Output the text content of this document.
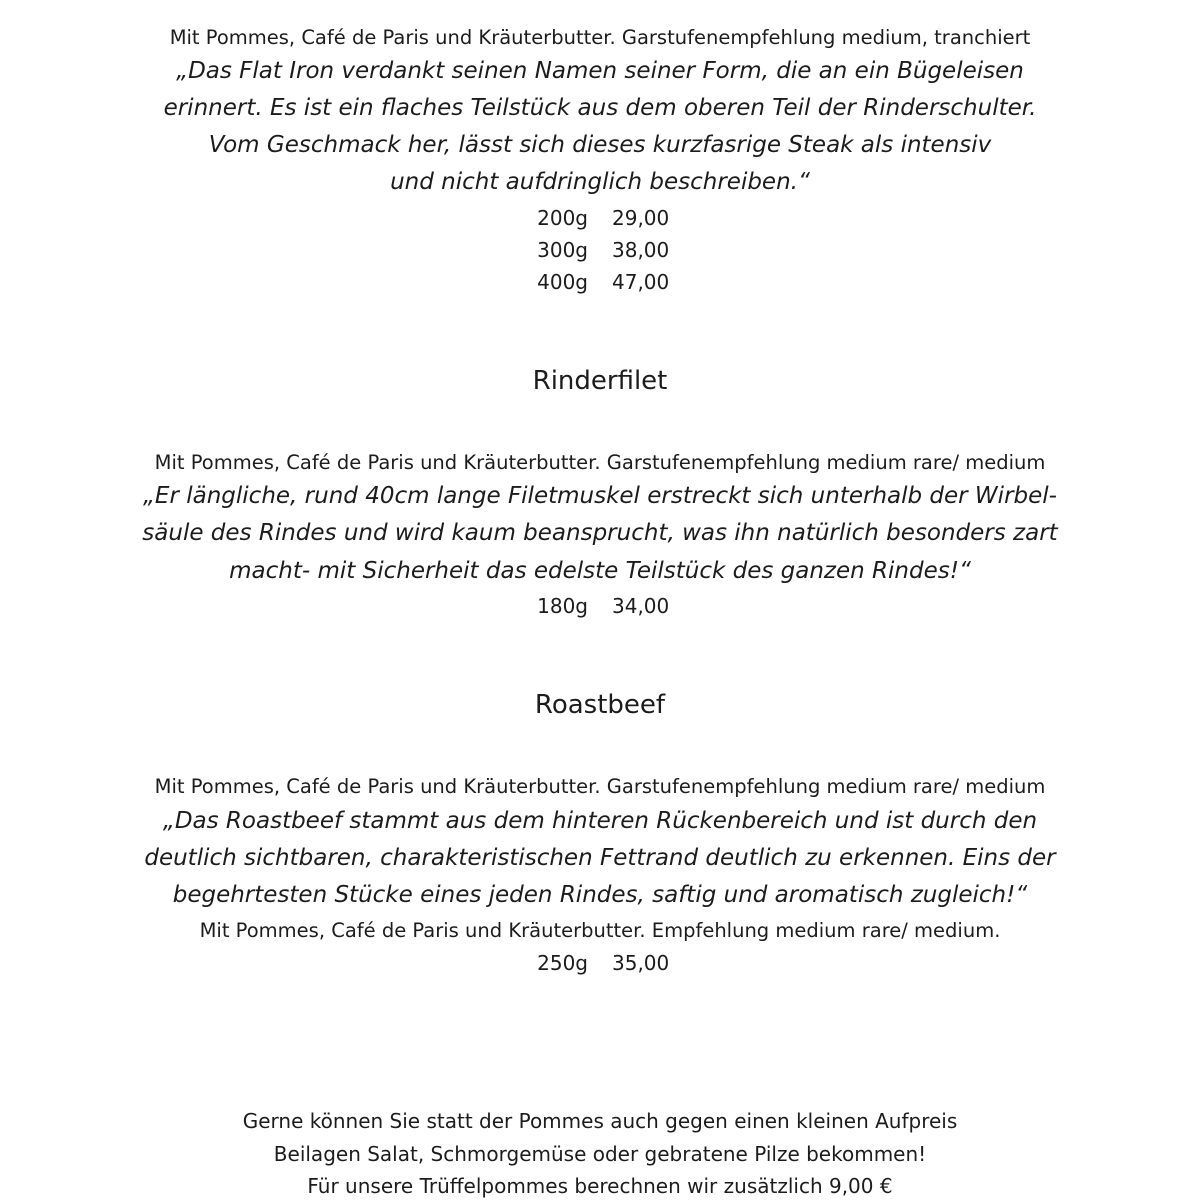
Mit Pommes, Café de Paris und Kräuterbutter. Garstufenempfehlung medium, tranchiert

„Das Flat Iron verdankt seinen Namen seiner Form, die an ein Bügeleisen

erinnert. Es ist ein flaches Teilstück aus dem oberen Teil der Rinderschulter.

Vom Geschmack her, lässt sich dieses kurzfasrige Steak als intensiv

und nicht aufdringlich beschreiben.“

200g 29,00

300g 38,00

400g 47,00

Rinderfilet

Mit Pommes, Café de Paris und Kräuterbutter. Garstufenempfehlung medium rare/ medium

„Er längliche, rund 40cm lange Filetmuskel erstreckt sich unterhalb der Wirbel-

säule des Rindes und wird kaum beansprucht, was ihn natürlich besonders zart

macht- mit Sicherheit das edelste Teilstück des ganzen Rindes!“

180g 34,00

Roastbeef

Mit Pommes, Café de Paris und Kräuterbutter. Garstufenempfehlung medium rare/ medium

„Das Roastbeef stammt aus dem hinteren Rückenbereich und ist durch den

deutlich sichtbaren, charakteristischen Fettrand deutlich zu erkennen. Eins der

begehrtesten Stücke eines jeden Rindes, saftig und aromatisch zugleich!“

Mit Pommes, Café de Paris und Kräuterbutter. Empfehlung medium rare/ medium.

250g 35,00

Gerne können Sie statt der Pommes auch gegen einen kleinen Aufpreis

Beilagen Salat, Schmorgemüse oder gebratene Pilze bekommen!

Für unsere Trüffelpommes berechnen wir zusätzlich 9,00 €
